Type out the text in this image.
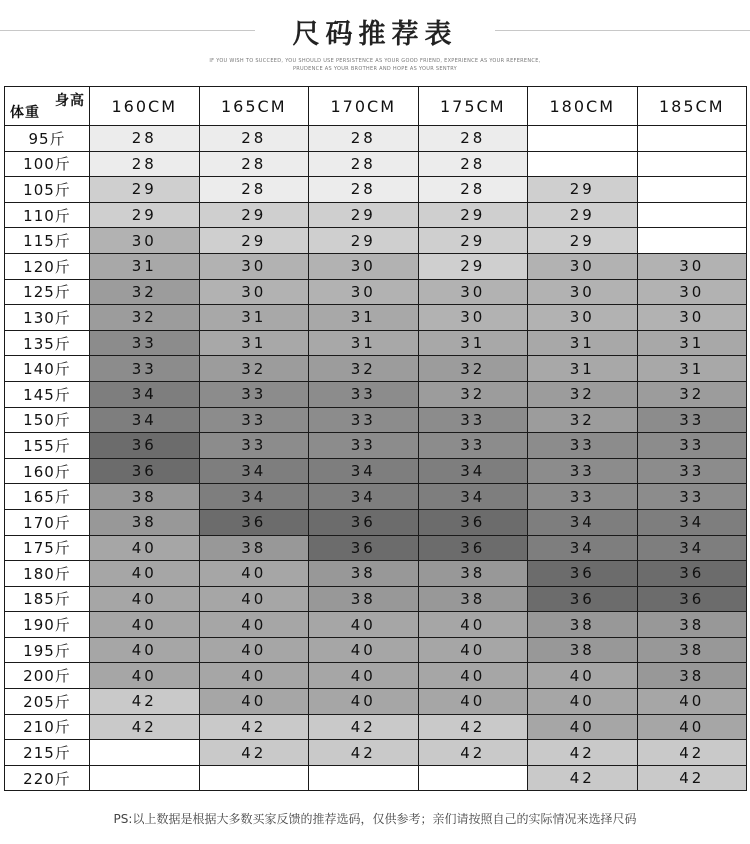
尺码推荐表
IF YOU WISH TO SUCCEED, YOU SHOULD USE PERSISTENCE AS YOUR GOOD FRIEND, EXPERIENCE AS YOUR REFERENCE,
PRUDENCE AS YOUR BROTHER AND HOPE AS YOUR SENTRY
身高
体重	160CM	165CM	170CM	175CM	180CM	185CM
95斤	28	28	28	28		
100斤	28	28	28	28		
105斤	29	28	28	28	29	
110斤	29	29	29	29	29	
115斤	30	29	29	29	29	
120斤	31	30	30	29	30	30
125斤	32	30	30	30	30	30
130斤	32	31	31	30	30	30
135斤	33	31	31	31	31	31
140斤	33	32	32	32	31	31
145斤	34	33	33	32	32	32
150斤	34	33	33	33	32	33
155斤	36	33	33	33	33	33
160斤	36	34	34	34	33	33
165斤	38	34	34	34	33	33
170斤	38	36	36	36	34	34
175斤	40	38	36	36	34	34
180斤	40	40	38	38	36	36
185斤	40	40	38	38	36	36
190斤	40	40	40	40	38	38
195斤	40	40	40	40	38	38
200斤	40	40	40	40	40	38
205斤	42	40	40	40	40	40
210斤	42	42	42	42	40	40
215斤		42	42	42	42	42
220斤					42	42
PS:以上数据是根据大多数买家反馈的推荐选码，仅供参考；亲们请按照自己的实际情况来选择尺码
